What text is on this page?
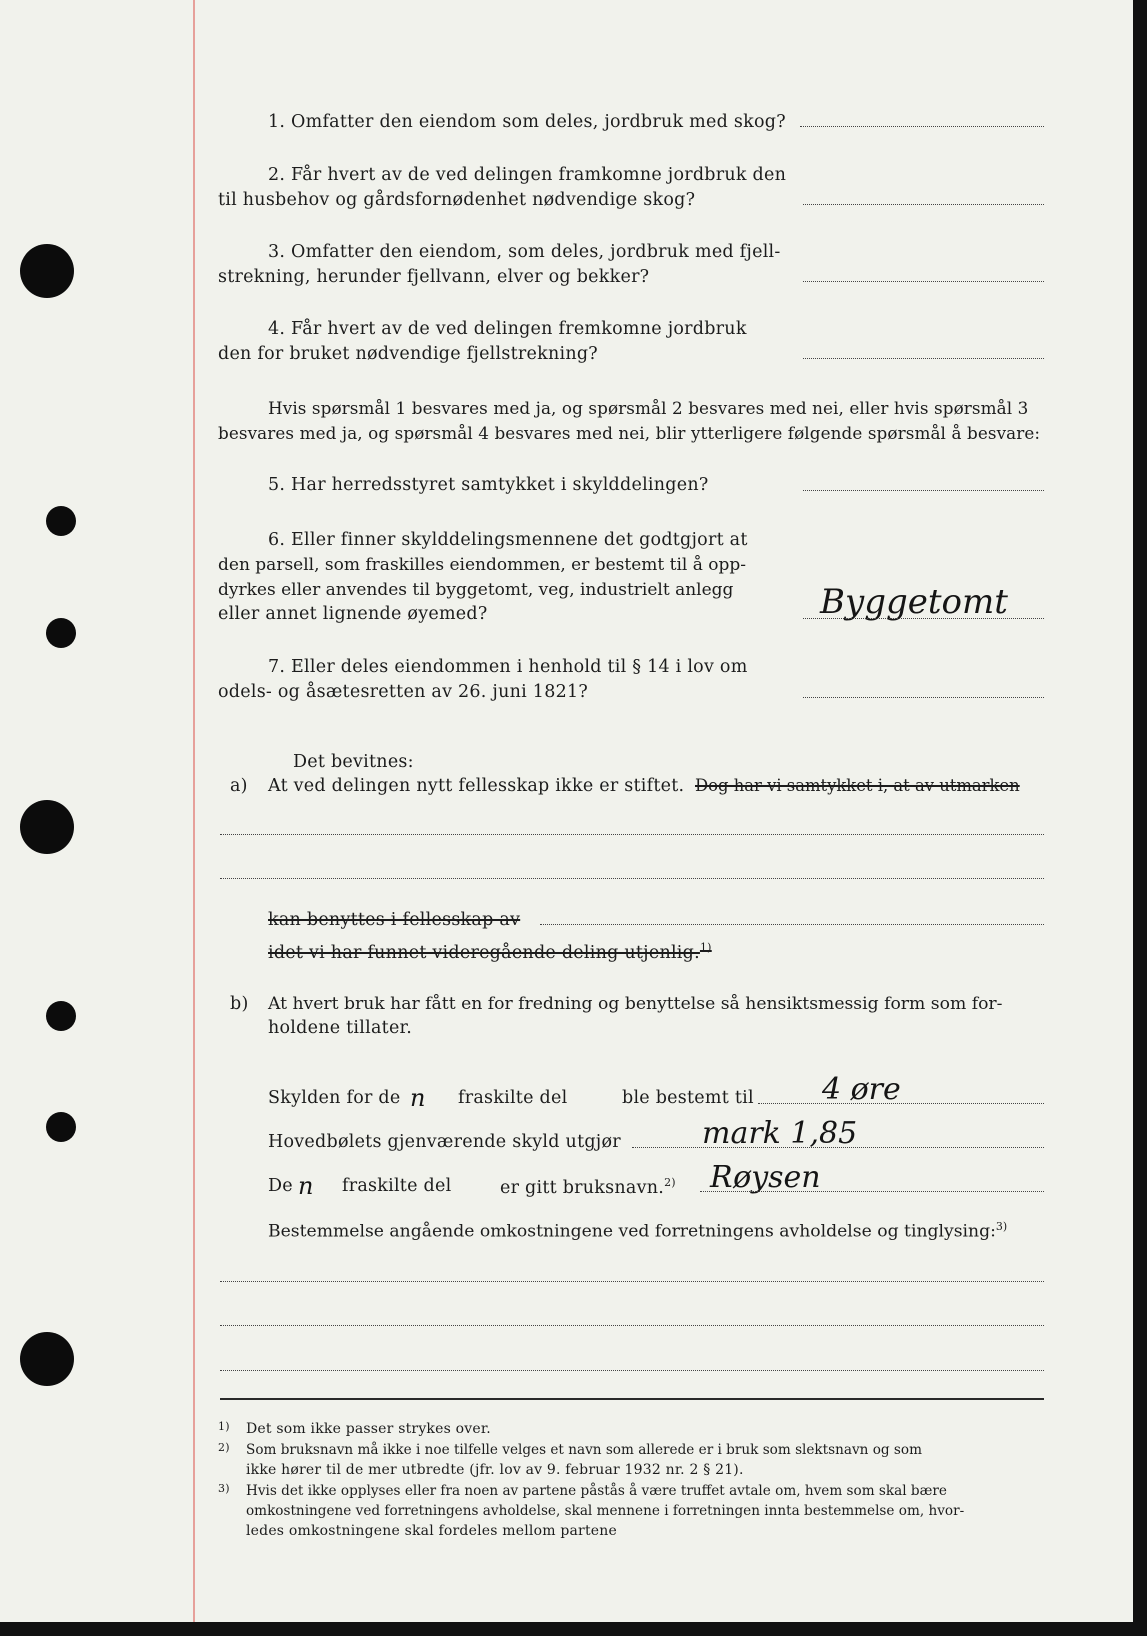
1. Omfatter den eiendom som deles, jordbruk med skog?
2. Får hvert av de ved delingen framkomne jordbruk den
til husbehov og gårdsfornødenhet nødvendige skog?
3. Omfatter den eiendom, som deles, jordbruk med fjell-
strekning, herunder fjellvann, elver og bekker?
4. Får hvert av de ved delingen fremkomne jordbruk
den for bruket nødvendige fjellstrekning?
Hvis spørsmål 1 besvares med ja, og spørsmål 2 besvares med nei, eller hvis spørsmål 3
besvares med ja, og spørsmål 4 besvares med nei, blir ytterligere følgende spørsmål å besvare:
5. Har herredsstyret samtykket i skylddelingen?
6. Eller finner skylddelingsmennene det godtgjort at
den parsell, som fraskilles eiendommen, er bestemt til å opp-
dyrkes eller anvendes til byggetomt, veg, industrielt anlegg
eller annet lignende øyemed?	Byggetomt
7. Eller deles eiendommen i henhold til § 14 i lov om
odels- og åsætesretten av 26. juni 1821?
Det bevitnes:
a) At ved delingen nytt fellesskap ikke er stiftet. Dog har vi samtykket i, at av utmarken
kan benyttes i fellesskap av
idet vi har funnet videregående deling utjenlig.$^{1)}$
b) At hvert bruk har fått en for fredning og benyttelse så hensiktsmessig form som for-
holdene tillater.
Skylden for de n fraskilte del	ble bestemt til 4 øre
Hovedbølets gjenværende skyld utgjør	mark 1,85
De n fraskilte del	er gitt bruksnavn.$^{2)}$ Røysen
Bestemmelse angående omkostningene ved forretningens avholdelse og tinglysing:$^{3)}$
1) Det som ikke passer strykes over.
2) Som bruksnavn må ikke i noe tilfelle velges et navn som allerede er i bruk som slektsnavn og som
ikke hører til de mer utbredte (jfr. lov av 9. februar 1932 nr. 2 § 21).
3) Hvis det ikke opplyses eller fra noen av partene påstås å være truffet avtale om, hvem som skal bære
omkostningene ved forretningens avholdelse, skal mennene i forretningen innta bestemmelse om, hvor-
ledes omkostningene skal fordeles mellom partene
